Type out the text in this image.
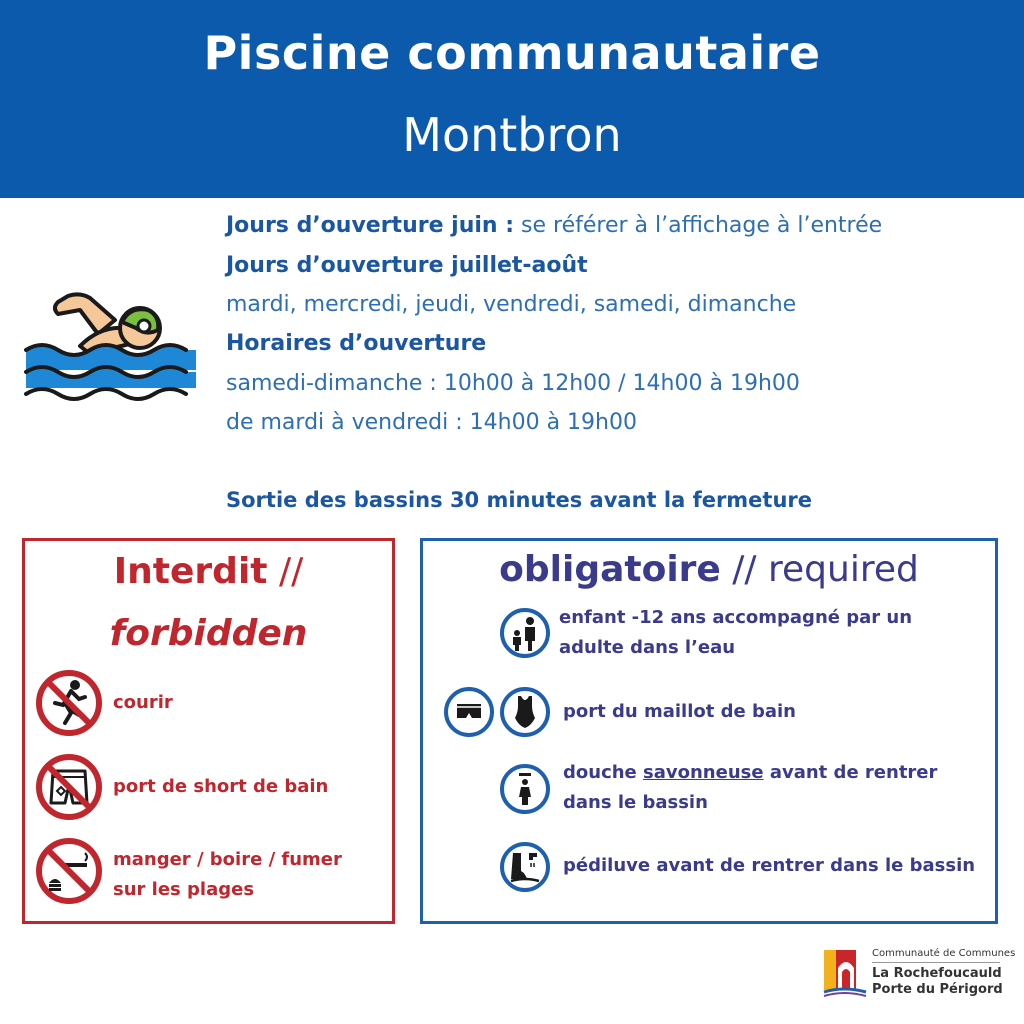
Piscine communautaire
Montbron
Jours d’ouverture juin : se référer à l’affichage à l’entrée
Jours d’ouverture juillet-août
mardi, mercredi, jeudi, vendredi, samedi, dimanche
Horaires d’ouverture
samedi-dimanche : 10h00 à 12h00 / 14h00 à 19h00
de mardi à vendredi : 14h00 à 19h00
Sortie des bassins 30 minutes avant la fermeture
Interdit //
forbidden
courir
port de short de bain
manger / boire / fumer
sur les plages
obligatoire // required
enfant -12 ans accompagné par un
adulte dans l’eau
port du maillot de bain
douche savonneuse avant de rentrer
dans le bassin
pédiluve avant de rentrer dans le bassin
Communauté de Communes
La Rochefoucauld
Porte du Périgord
